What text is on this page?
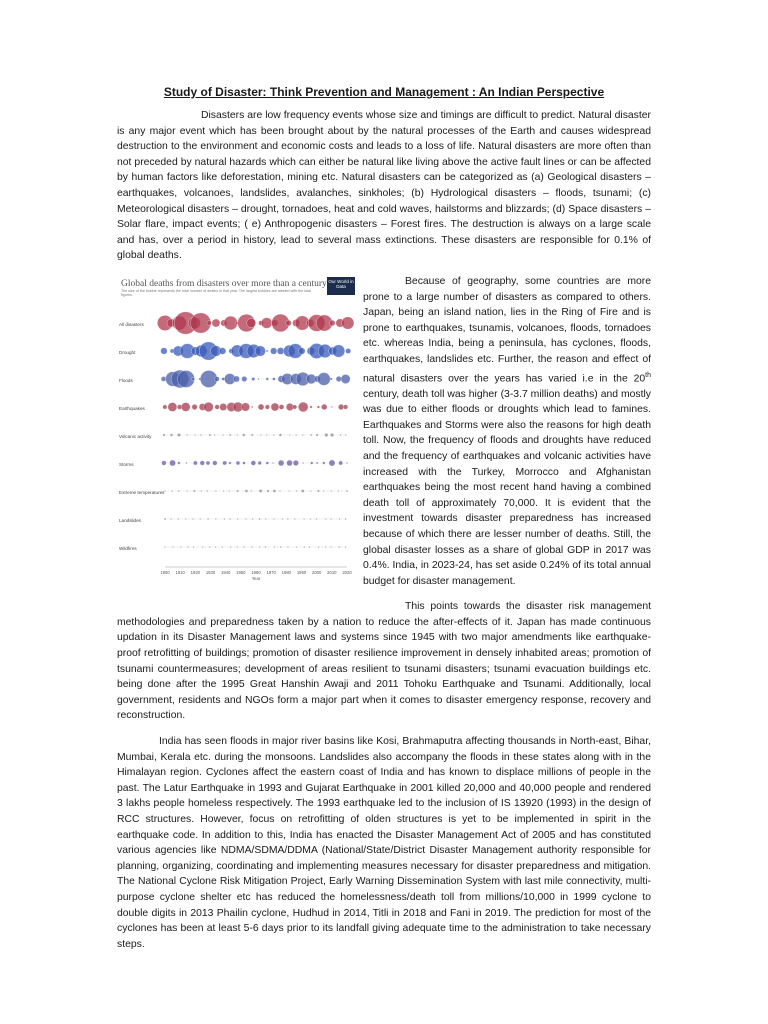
Study of Disaster: Think Prevention and Management : An Indian Perspective

Disasters are low frequency events whose size and timings are difficult to predict. Natural disaster is any major event which has been brought about by the natural processes of the Earth and causes widespread destruction to the environment and economic costs and leads to a loss of life. Natural disasters are more often than not preceded by natural hazards which can either be natural like living above the active fault lines or can be affected by human factors like deforestation, mining etc. Natural disasters can be categorized as (a) Geological disasters – earthquakes, volcanoes, landslides, avalanches, sinkholes; (b) Hydrological disasters – floods, tsunami; (c) Meteorological disasters – drought, tornadoes, heat and cold waves, hailstorms and blizzards; (d) Space disasters – Solar flare, impact events; ( e) Anthropogenic disasters – Forest fires. The destruction is always on a large scale and has, over a period in history, lead to several mass extinctions. These disasters are responsible for 0.1% of global deaths.

Global deaths from disasters over more than a century
The size of the bubble represents the total number of deaths in that year. The largest bubbles are labeled with the total figures.
Our World in Data
All disasters
Drought
Floods
Earthquakes
Volcanic activity
Storms
Extreme temperatures
Landslides
Wildfires
1900 1910 1920 1930 1940 1950 1960 1970 1980 1990 2000 2010 2020
Year

Because of geography, some countries are more prone to a large number of disasters as compared to others. Japan, being an island nation, lies in the Ring of Fire and is prone to earthquakes, tsunamis, volcanoes, floods, tornadoes etc. whereas India, being a peninsula, has cyclones, floods, earthquakes, landslides etc. Further, the reason and effect of natural disasters over the years has varied i.e in the 20th century, death toll was higher (3-3.7 million deaths) and mostly was due to either floods or droughts which lead to famines. Earthquakes and Storms were also the reasons for high death toll. Now, the frequency of floods and droughts have reduced and the frequency of earthquakes and volcanic activities have increased with the Turkey, Morrocco and Afghanistan earthquakes being the most recent hand having a combined death toll of approximately 70,000. It is evident that the investment towards disaster preparedness has increased because of which there are lesser number of deaths. Still, the global disaster losses as a share of global GDP in 2017 was 0.4%. India, in 2023-24, has set aside 0.24% of its total annual budget for disaster management.

This points towards the disaster risk management methodologies and preparedness taken by a nation to reduce the after-effects of it. Japan has made continuous updation in its Disaster Management laws and systems since 1945 with two major amendments like earthquake-proof retrofitting of buildings; promotion of disaster resilience improvement in densely inhabited areas; promotion of tsunami countermeasures; development of areas resilient to tsunami disasters; tsunami evacuation buildings etc. being done after the 1995 Great Hanshin Awaji and 2011 Tohoku Earthquake and Tsunami. Additionally, local government, residents and NGOs form a major part when it comes to disaster emergency response, recovery and reconstruction.

India has seen floods in major river basins like Kosi, Brahmaputra affecting thousands in North-east, Bihar, Mumbai, Kerala etc. during the monsoons. Landslides also accompany the floods in these states along with in the Himalayan region. Cyclones affect the eastern coast of India and has known to displace millions of people in the past. The Latur Earthquake in 1993 and Gujarat Earthquake in 2001 killed 20,000 and 40,000 people and rendered 3 lakhs people homeless respectively. The 1993 earthquake led to the inclusion of IS 13920 (1993) in the design of RCC structures. However, focus on retrofitting of olden structures is yet to be implemented in spirit in the earthquake code. In addition to this, India has enacted the Disaster Management Act of 2005 and has constituted various agencies like NDMA/SDMA/DDMA (National/State/District Disaster Management authority responsible for planning, organizing, coordinating and implementing measures necessary for disaster preparedness and mitigation. The National Cyclone Risk Mitigation Project, Early Warning Dissemination System with last mile connectivity, multi-purpose cyclone shelter etc has reduced the homelessness/death toll from millions/10,000 in 1999 cyclone to double digits in 2013 Phailin cyclone, Hudhud in 2014, Titli in 2018 and Fani in 2019. The prediction for most of the cyclones has been at least 5-6 days prior to its landfall giving adequate time to the administration to take necessary steps.
